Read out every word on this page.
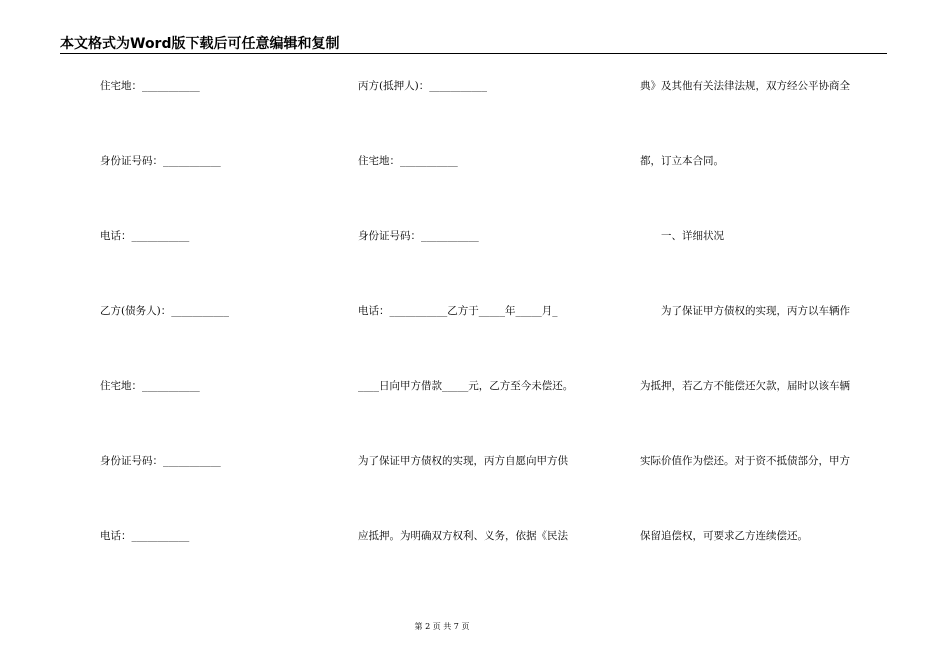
本文格式为Word版下载后可任意编辑和复制
住宅地：___________
身份证号码：___________
电话：___________
乙方(债务人)：___________
住宅地：___________
身份证号码：___________
电话：___________
丙方(抵押人)：___________
住宅地：___________
身份证号码：___________
电话：___________乙方于_____年_____月_
____日向甲方借款_____元，乙方至今未偿还。
为了保证甲方债权的实现，丙方自愿向甲方供
应抵押。为明确双方权利、义务，依据《民法
典》及其他有关法律法规，双方经公平协商全
都，订立本合同。
　　一、详细状况
　　为了保证甲方债权的实现，丙方以车辆作
为抵押，若乙方不能偿还欠款，届时以该车辆
实际价值作为偿还。对于资不抵债部分，甲方
保留追偿权，可要求乙方连续偿还。
第 2 页 共 7 页
